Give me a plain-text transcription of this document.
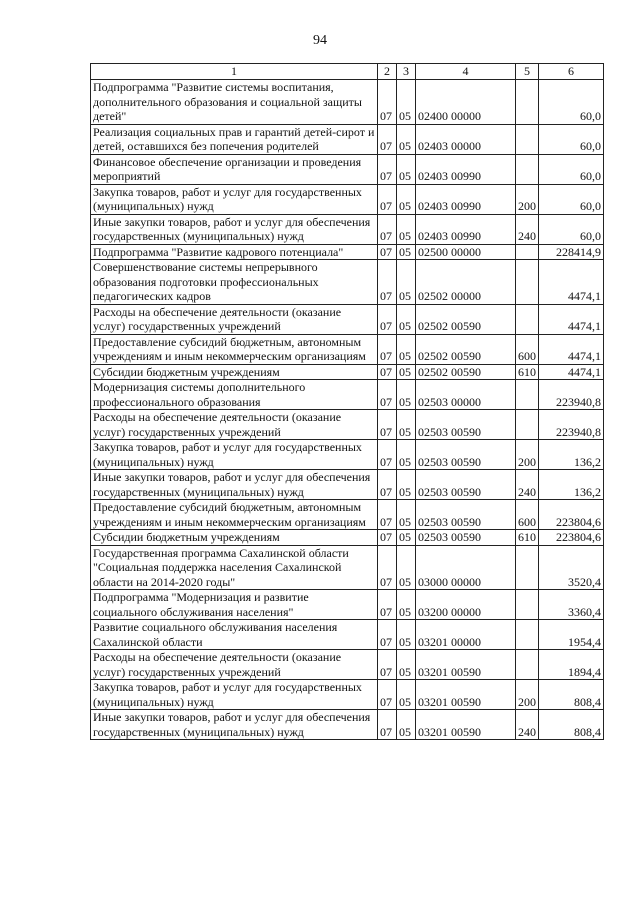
94
1	2	3	4	5	6
Подпрограмма "Развитие системы воспитания, дополнительного образования и социальной защиты детей"	07	05	02400 00000		60,0
Реализация социальных прав и гарантий детей-сирот и детей, оставшихся без попечения родителей	07	05	02403 00000		60,0
Финансовое обеспечение организации и проведения мероприятий	07	05	02403 00990		60,0
Закупка товаров, работ и услуг для государственных (муниципальных) нужд	07	05	02403 00990	200	60,0
Иные закупки товаров, работ и услуг для обеспечения государственных (муниципальных) нужд	07	05	02403 00990	240	60,0
Подпрограмма "Развитие кадрового потенциала"	07	05	02500 00000		228414,9
Совершенствование системы непрерывного образования подготовки профессиональных педагогических кадров	07	05	02502 00000		4474,1
Расходы на обеспечение деятельности (оказание услуг) государственных учреждений	07	05	02502 00590		4474,1
Предоставление субсидий бюджетным, автономным учреждениям и иным некоммерческим организациям	07	05	02502 00590	600	4474,1
Субсидии бюджетным учреждениям	07	05	02502 00590	610	4474,1
Модернизация системы дополнительного профессионального образования	07	05	02503 00000		223940,8
Расходы на обеспечение деятельности (оказание услуг) государственных учреждений	07	05	02503 00590		223940,8
Закупка товаров, работ и услуг для государственных (муниципальных) нужд	07	05	02503 00590	200	136,2
Иные закупки товаров, работ и услуг для обеспечения государственных (муниципальных) нужд	07	05	02503 00590	240	136,2
Предоставление субсидий бюджетным, автономным учреждениям и иным некоммерческим организациям	07	05	02503 00590	600	223804,6
Субсидии бюджетным учреждениям	07	05	02503 00590	610	223804,6
Государственная программа Сахалинской области "Социальная поддержка населения Сахалинской области на 2014-2020 годы"	07	05	03000 00000		3520,4
Подпрограмма "Модернизация и развитие социального обслуживания населения"	07	05	03200 00000		3360,4
Развитие социального обслуживания населения Сахалинской области	07	05	03201 00000		1954,4
Расходы на обеспечение деятельности (оказание услуг) государственных учреждений	07	05	03201 00590		1894,4
Закупка товаров, работ и услуг для государственных (муниципальных) нужд	07	05	03201 00590	200	808,4
Иные закупки товаров, работ и услуг для обеспечения государственных (муниципальных) нужд	07	05	03201 00590	240	808,4
